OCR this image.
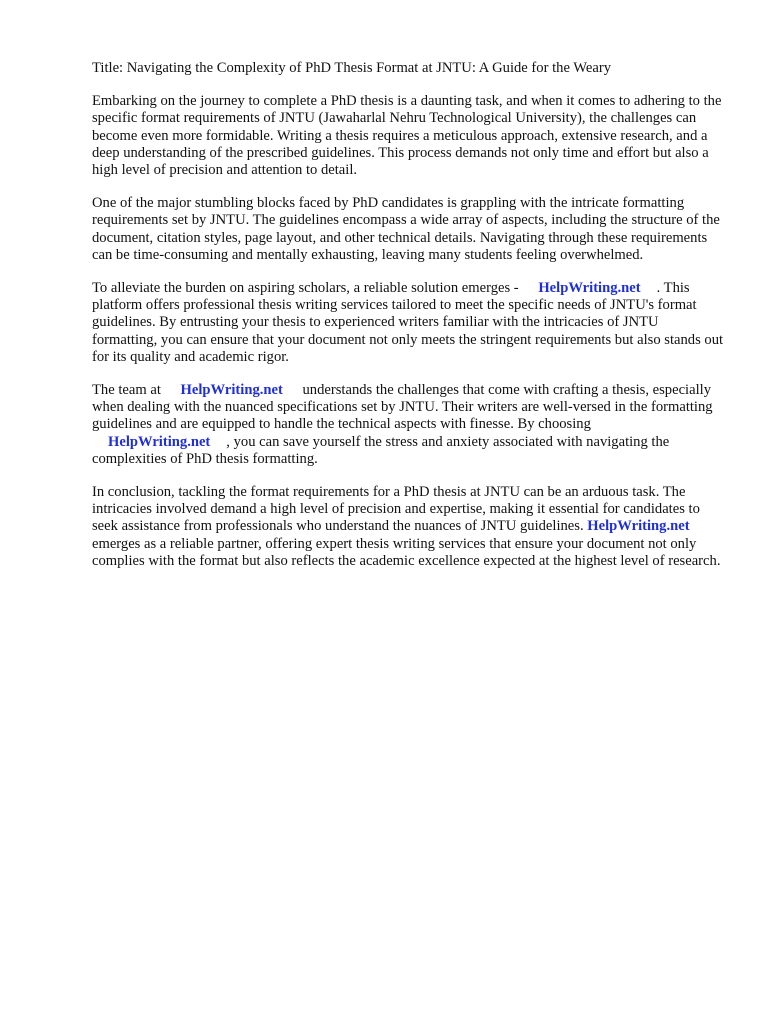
Title: Navigating the Complexity of PhD Thesis Format at JNTU: A Guide for the Weary

Embarking on the journey to complete a PhD thesis is a daunting task, and when it comes to adhering to the specific format requirements of JNTU (Jawaharlal Nehru Technological University), the challenges can become even more formidable. Writing a thesis requires a meticulous approach, extensive research, and a deep understanding of the prescribed guidelines. This process demands not only time and effort but also a high level of precision and attention to detail.

One of the major stumbling blocks faced by PhD candidates is grappling with the intricate formatting requirements set by JNTU. The guidelines encompass a wide array of aspects, including the structure of the document, citation styles, page layout, and other technical details. Navigating through these requirements can be time-consuming and mentally exhausting, leaving many students feeling overwhelmed.

To alleviate the burden on aspiring scholars, a reliable solution emerges - HelpWriting.net . This platform offers professional thesis writing services tailored to meet the specific needs of JNTU's format guidelines. By entrusting your thesis to experienced writers familiar with the intricacies of JNTU formatting, you can ensure that your document not only meets the stringent requirements but also stands out for its quality and academic rigor.

The team at HelpWriting.net understands the challenges that come with crafting a thesis, especially when dealing with the nuanced specifications set by JNTU. Their writers are well-versed in the formatting guidelines and are equipped to handle the technical aspects with finesse. By choosing HelpWriting.net , you can save yourself the stress and anxiety associated with navigating the complexities of PhD thesis formatting.

In conclusion, tackling the format requirements for a PhD thesis at JNTU can be an arduous task. The intricacies involved demand a high level of precision and expertise, making it essential for candidates to seek assistance from professionals who understand the nuances of JNTU guidelines. HelpWriting.net emerges as a reliable partner, offering expert thesis writing services that ensure your document not only complies with the format but also reflects the academic excellence expected at the highest level of research.
